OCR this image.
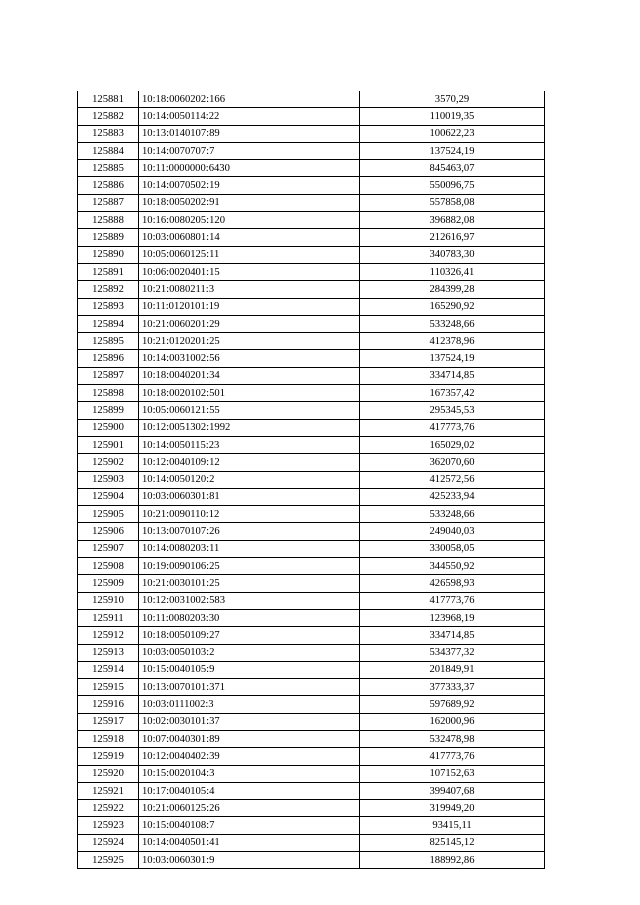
125881	10:18:0060202:166	3570,29
125882	10:14:0050114:22	110019,35
125883	10:13:0140107:89	100622,23
125884	10:14:0070707:7	137524,19
125885	10:11:0000000:6430	845463,07
125886	10:14:0070502:19	550096,75
125887	10:18:0050202:91	557858,08
125888	10:16:0080205:120	396882,08
125889	10:03:0060801:14	212616,97
125890	10:05:0060125:11	340783,30
125891	10:06:0020401:15	110326,41
125892	10:21:0080211:3	284399,28
125893	10:11:0120101:19	165290,92
125894	10:21:0060201:29	533248,66
125895	10:21:0120201:25	412378,96
125896	10:14:0031002:56	137524,19
125897	10:18:0040201:34	334714,85
125898	10:18:0020102:501	167357,42
125899	10:05:0060121:55	295345,53
125900	10:12:0051302:1992	417773,76
125901	10:14:0050115:23	165029,02
125902	10:12:0040109:12	362070,60
125903	10:14:0050120:2	412572,56
125904	10:03:0060301:81	425233,94
125905	10:21:0090110:12	533248,66
125906	10:13:0070107:26	249040,03
125907	10:14:0080203:11	330058,05
125908	10:19:0090106:25	344550,92
125909	10:21:0030101:25	426598,93
125910	10:12:0031002:583	417773,76
125911	10:11:0080203:30	123968,19
125912	10:18:0050109:27	334714,85
125913	10:03:0050103:2	534377,32
125914	10:15:0040105:9	201849,91
125915	10:13:0070101:371	377333,37
125916	10:03:0111002:3	597689,92
125917	10:02:0030101:37	162000,96
125918	10:07:0040301:89	532478,98
125919	10:12:0040402:39	417773,76
125920	10:15:0020104:3	107152,63
125921	10:17:0040105:4	399407,68
125922	10:21:0060125:26	319949,20
125923	10:15:0040108:7	93415,11
125924	10:14:0040501:41	825145,12
125925	10:03:0060301:9	188992,86
